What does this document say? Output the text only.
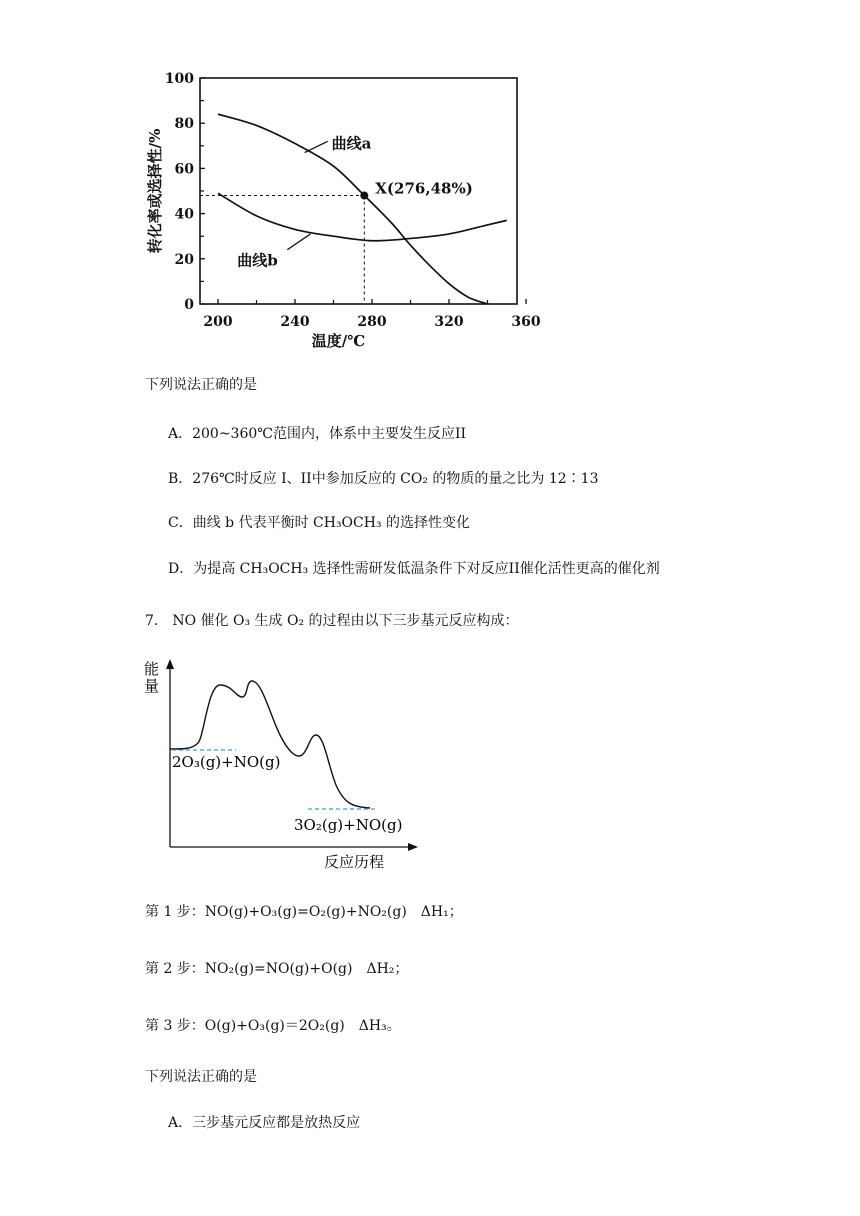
200	240	280	320	360
0
20
40
60
80
100
转化率或选择性/%
温度/℃
曲线a
曲线b
X(276,48%)
下列说法正确的是
A．200~360℃范围内，体系中主要发生反应II
B．276℃时反应 I、II中参加反应的 CO₂ 的物质的量之比为 12∶13
C．曲线 b 代表平衡时 CH₃OCH₃ 的选择性变化
D．为提高 CH₃OCH₃ 选择性需研发低温条件下对反应II催化活性更高的催化剂
7． NO 催化 O₃ 生成 O₂ 的过程由以下三步基元反应构成：
能
量
反应历程
2O₃(g)+NO(g)
3O₂(g)+NO(g)
第 1 步：NO(g)+O₃(g)=O₂(g)+NO₂(g)　ΔH₁；
第 2 步：NO₂(g)=NO(g)+O(g)　ΔH₂；
第 3 步：O(g)+O₃(g)＝2O₂(g)　ΔH₃。
下列说法正确的是
A．三步基元反应都是放热反应
